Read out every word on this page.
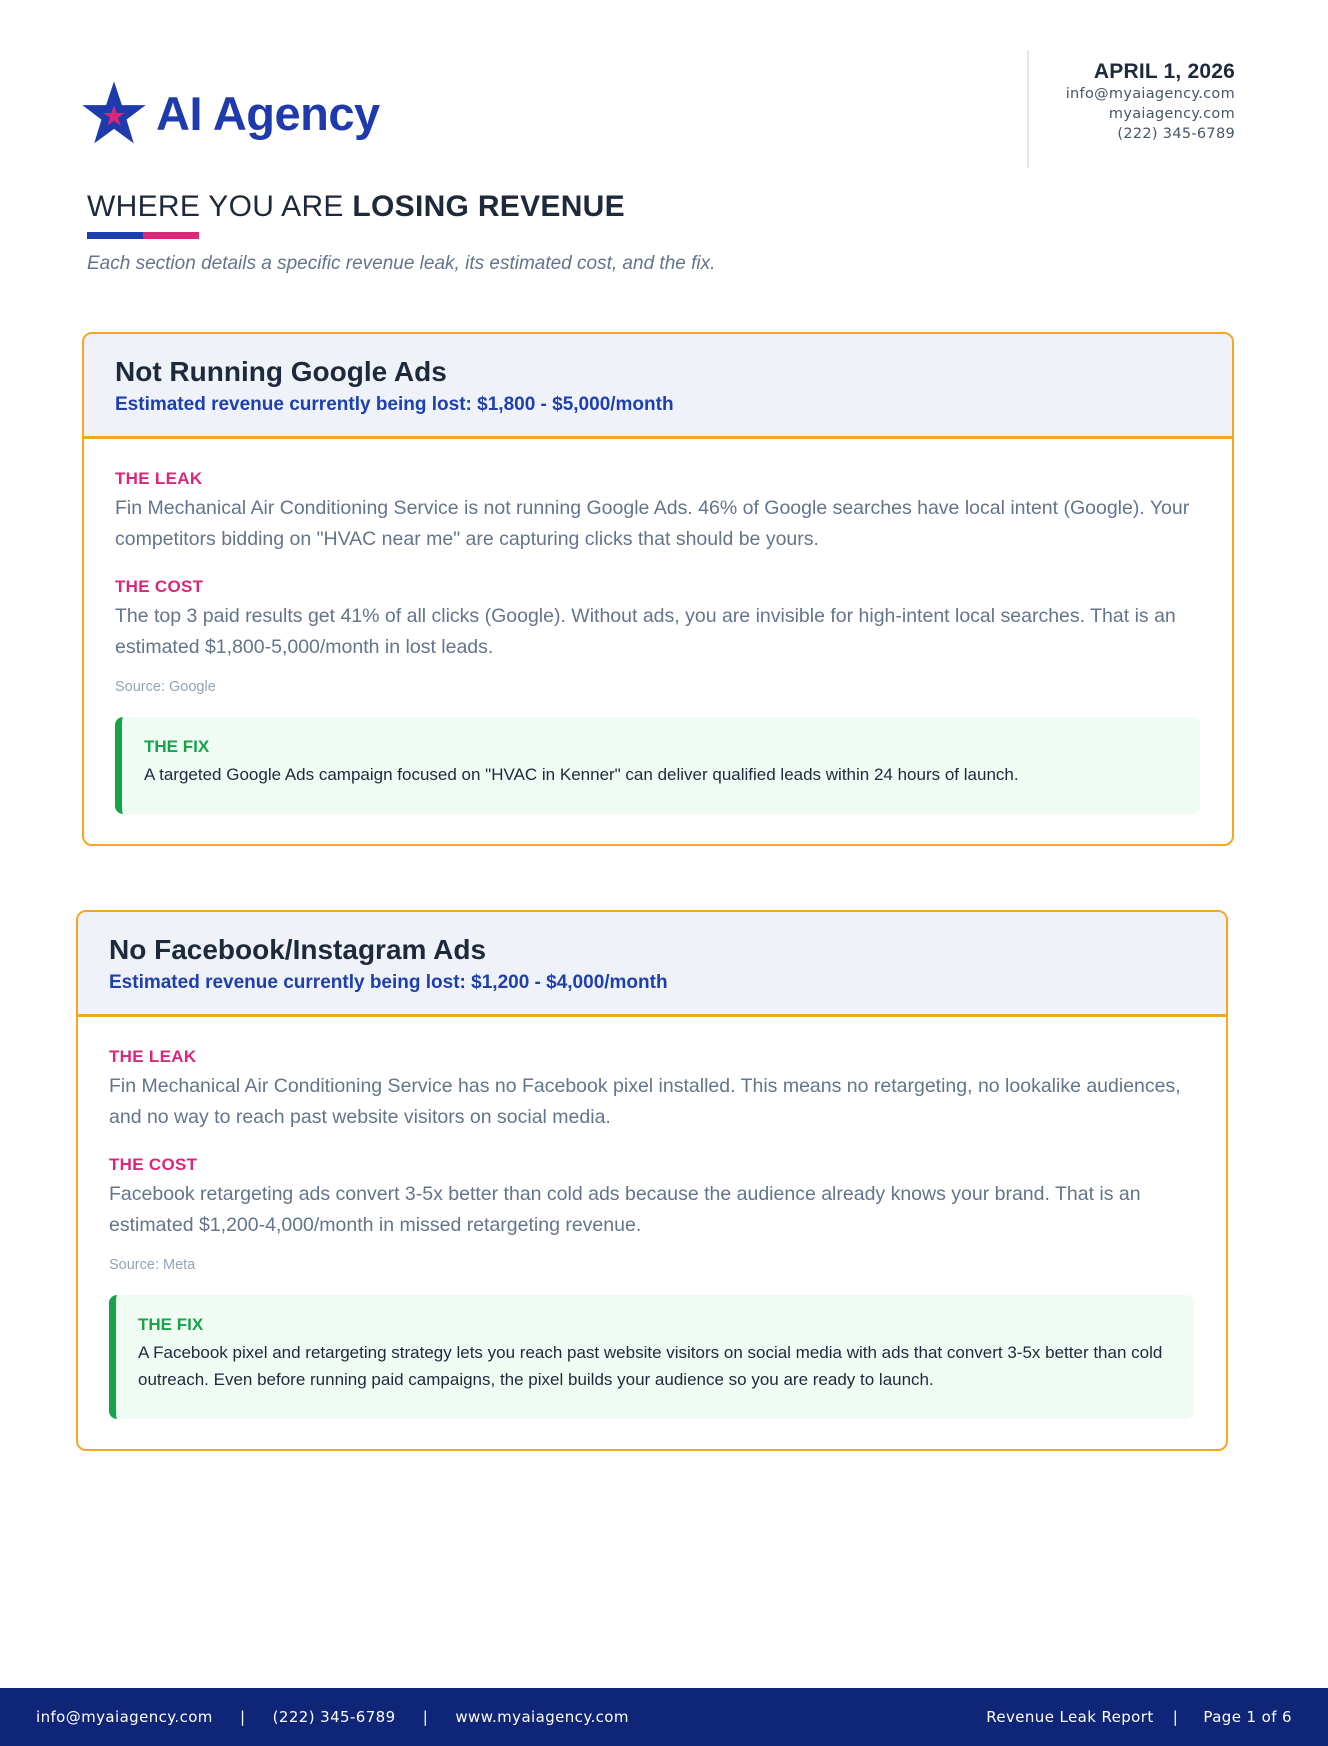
AI Agency
APRIL 1, 2026
info@myaiagency.com
myaiagency.com
(222) 345-6789
WHERE YOU ARE LOSING REVENUE

Each section details a specific revenue leak, its estimated cost, and the fix.

Not Running Google Ads
Estimated revenue currently being lost: $1,800 - $5,000/month
THE LEAK

Fin Mechanical Air Conditioning Service is not running Google Ads. 46% of Google searches have local intent (Google). Your competitors bidding on "HVAC near me" are capturing clicks that should be yours.

THE COST

The top 3 paid results get 41% of all clicks (Google). Without ads, you are invisible for high-intent local searches. That is an estimated $1,800-5,000/month in lost leads.

Source: Google
THE FIX

A targeted Google Ads campaign focused on "HVAC in Kenner" can deliver qualified leads within 24 hours of launch.

No Facebook/Instagram Ads
Estimated revenue currently being lost: $1,200 - $4,000/month
THE LEAK

Fin Mechanical Air Conditioning Service has no Facebook pixel installed. This means no retargeting, no lookalike audiences, and no way to reach past website visitors on social media.

THE COST

Facebook retargeting ads convert 3-5x better than cold ads because the audience already knows your brand. That is an estimated $1,200-4,000/month in missed retargeting revenue.

Source: Meta
THE FIX

A Facebook pixel and retargeting strategy lets you reach past website visitors on social media with ads that convert 3-5x better than cold outreach. Even before running paid campaigns, the pixel builds your audience so you are ready to launch.

info@myaiagency.com | (222) 345-6789 | www.myaiagency.com	Revenue Leak Report | Page 1 of 6
